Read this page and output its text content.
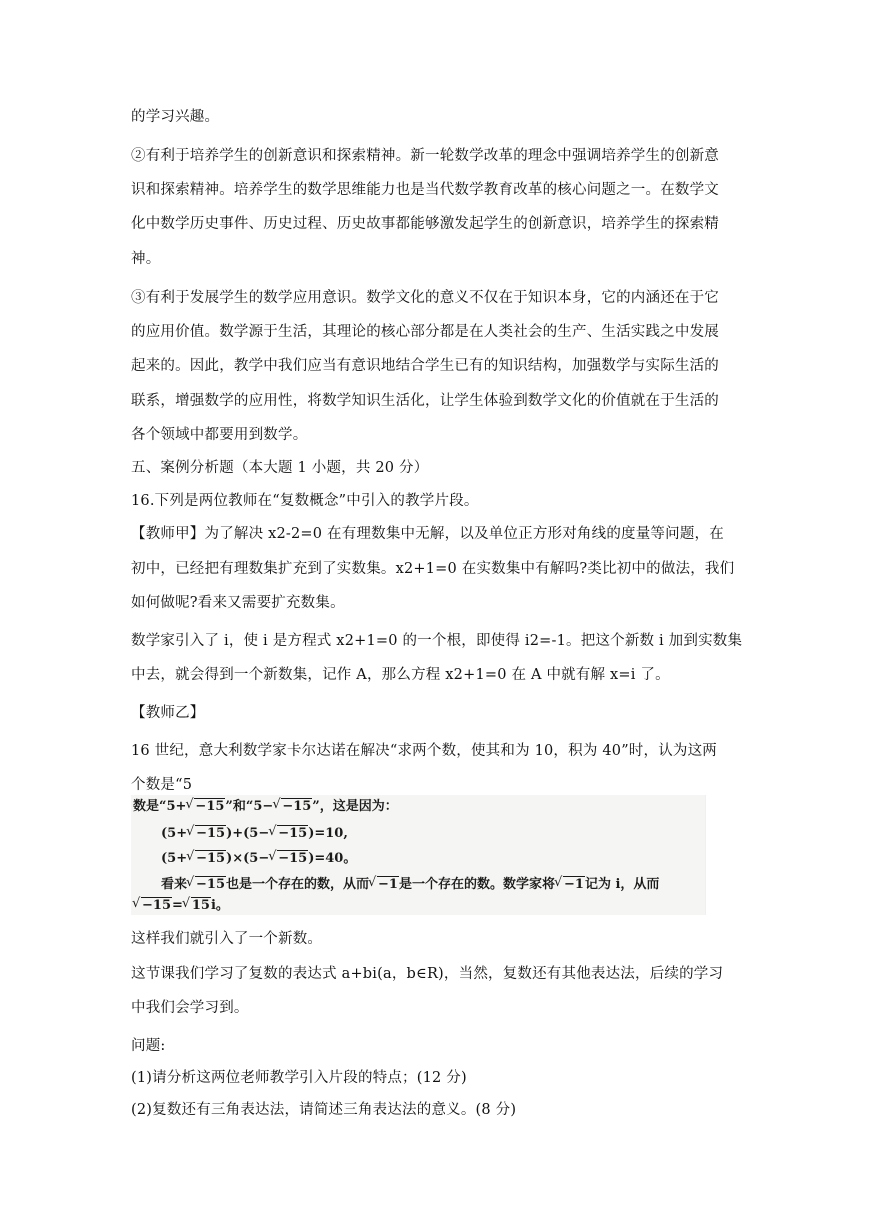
的学习兴趣。
②有利于培养学生的创新意识和探索精神。新一轮数学改革的理念中强调培养学生的创新意
识和探索精神。培养学生的数学思维能力也是当代数学教育改革的核心问题之一。在数学文
化中数学历史事件、历史过程、历史故事都能够激发起学生的创新意识，培养学生的探索精
神。
③有利于发展学生的数学应用意识。数学文化的意义不仅在于知识本身，它的内涵还在于它
的应用价值。数学源于生活，其理论的核心部分都是在人类社会的生产、生活实践之中发展
起来的。因此，教学中我们应当有意识地结合学生已有的知识结构，加强数学与实际生活的
联系，增强数学的应用性，将数学知识生活化，让学生体验到数学文化的价值就在于生活的
各个领域中都要用到数学。
五、案例分析题（本大题 1 小题，共 20 分）
16.下列是两位教师在“复数概念”中引入的教学片段。
【教师甲】为了解决 x2-2=0 在有理数集中无解，以及单位正方形对角线的度量等问题，在
初中，已经把有理数集扩充到了实数集。x2+1=0 在实数集中有解吗?类比初中的做法，我们
如何做呢?看来又需要扩充数集。
数学家引入了 i，使 i 是方程式 x2+1=0 的一个根，即使得 i2=-1。把这个新数 i 加到实数集
中去，就会得到一个新数集，记作 A，那么方程 x2+1=0 在 A 中就有解 x=i 了。
【教师乙】
16 世纪，意大利数学家卡尔达诺在解决“求两个数，使其和为 10，积为 40”时，认为这两
个数是“5
数是“5+ √ −15”和“5− √ −15”，这是因为：
(5+ √ −15)+(5− √ −15)=10,
(5+ √ −15)×(5− √ −15)=40。
看来 √ −15也是一个存在的数，从而 √ −1是一个存在的数。数学家将 √ −1记为 i，从而
√ −15= √ 15i。
这样我们就引入了一个新数。
这节课我们学习了复数的表达式 a+bi(a，b∈R)，当然，复数还有其他表达法，后续的学习
中我们会学习到。
问题:
(1)请分析这两位老师教学引入片段的特点；(12 分)
(2)复数还有三角表达法，请简述三角表达法的意义。(8 分)
